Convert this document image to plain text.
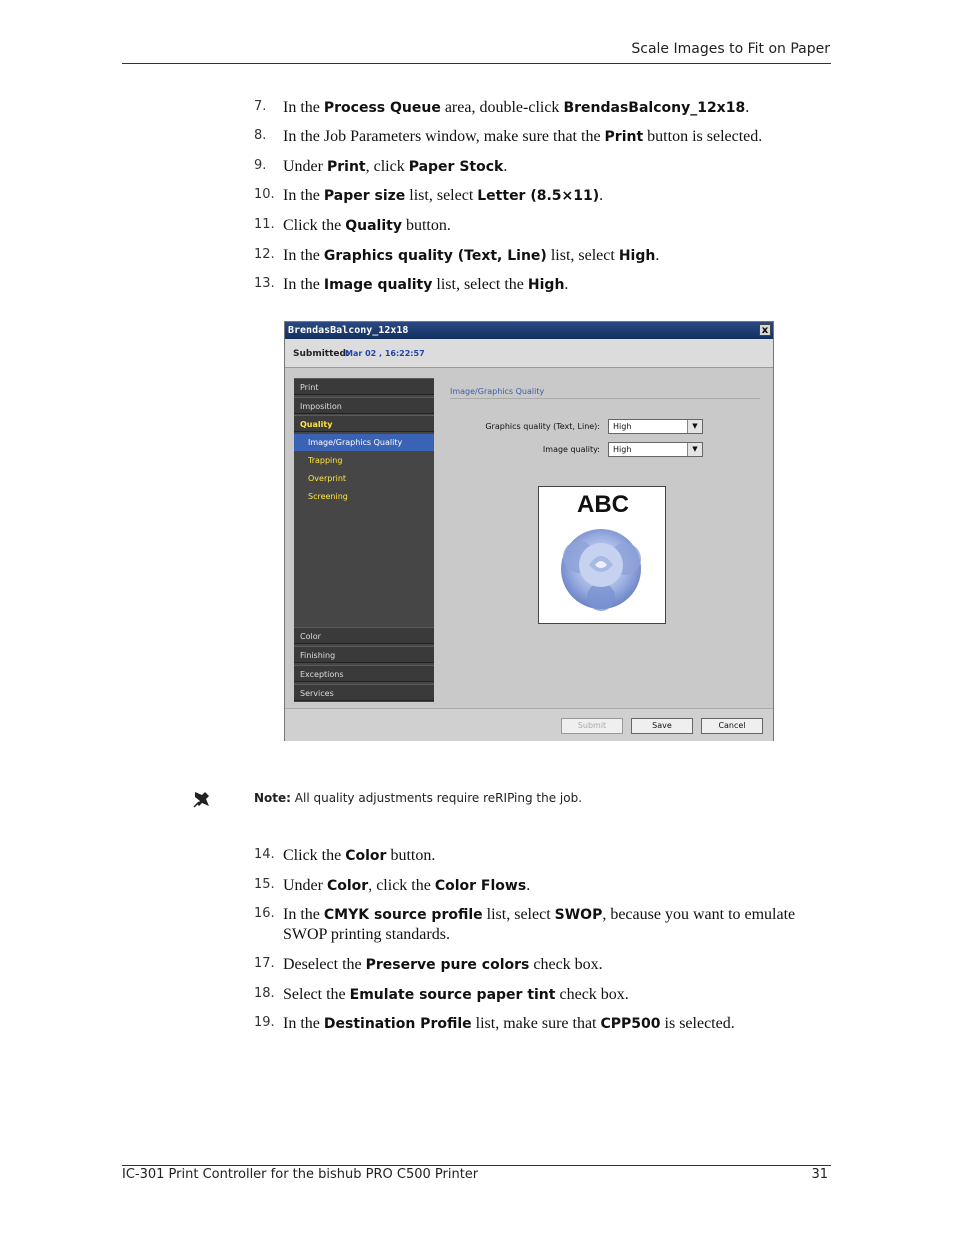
Scale Images to Fit on Paper
7. In the Process Queue area, double-click BrendasBalcony_12x18.
8. In the Job Parameters window, make sure that the Print button is selected.
9. Under Print, click Paper Stock.
10. In the Paper size list, select Letter (8.5×11).
11. Click the Quality button.
12. In the Graphics quality (Text, Line) list, select High.
13. In the Image quality list, select the High.
BrendasBalcony_12x18	x
Submitted:
Mar 02 , 16:22:57
Print
Imposition
Quality
Image/Graphics Quality
Trapping
Overprint
Screening
Color
Finishing
Exceptions
Services
Image/Graphics Quality
Graphics quality (Text, Line):	High	▼
Image quality:	High	▼
ABC
Submit	Save	Cancel
Note: All quality adjustments require reRIPing the job.
14. Click the Color button.
15. Under Color, click the Color Flows.
16. In the CMYK source profile list, select SWOP, because you want to emulate SWOP printing standards.
17. Deselect the Preserve pure colors check box.
18. Select the Emulate source paper tint check box.
19. In the Destination Profile list, make sure that CPP500 is selected.
IC-301 Print Controller for the bishub PRO C500 Printer	31
